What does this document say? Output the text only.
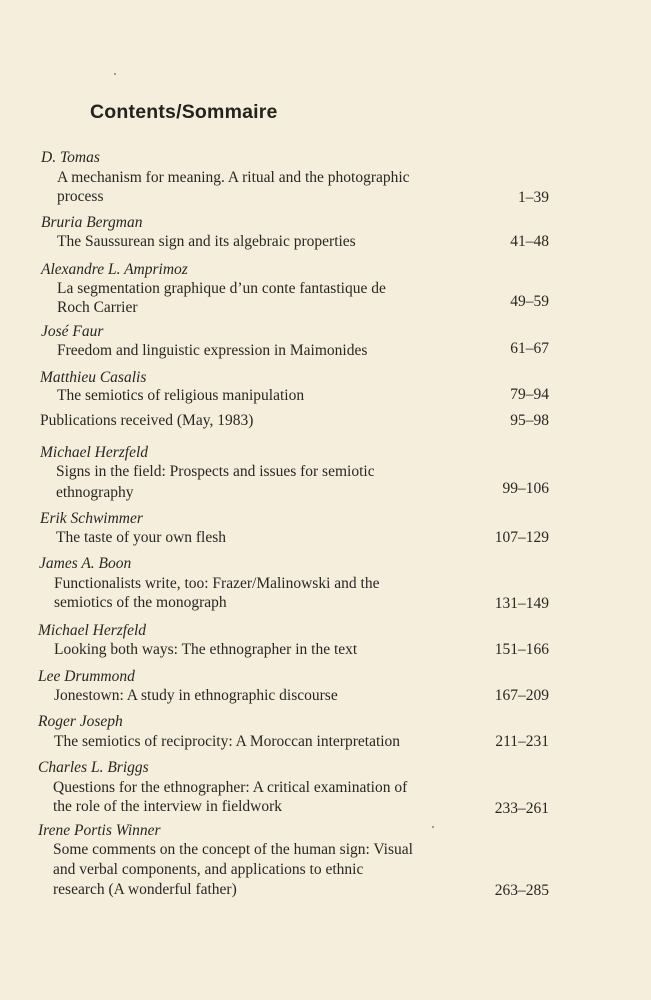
Contents/Sommaire
D. Tomas
A mechanism for meaning. A ritual and the photographic
process	1–39
Bruria Bergman
The Saussurean sign and its algebraic properties	41–48
Alexandre L. Amprimoz
La segmentation graphique d’un conte fantastique de
Roch Carrier	49–59
José Faur
Freedom and linguistic expression in Maimonides	61–67
Matthieu Casalis
The semiotics of religious manipulation	79–94
Publications received (May, 1983)	95–98
Michael Herzfeld
Signs in the field: Prospects and issues for semiotic
ethnography	99–106
Erik Schwimmer
The taste of your own flesh	107–129
James A. Boon
Functionalists write, too: Frazer/Malinowski and the
semiotics of the monograph	131–149
Michael Herzfeld
Looking both ways: The ethnographer in the text	151–166
Lee Drummond
Jonestown: A study in ethnographic discourse	167–209
Roger Joseph
The semiotics of reciprocity: A Moroccan interpretation	211–231
Charles L. Briggs
Questions for the ethnographer: A critical examination of
the role of the interview in fieldwork	233–261
Irene Portis Winner
Some comments on the concept of the human sign: Visual
and verbal components, and applications to ethnic
research (A wonderful father)	263–285
